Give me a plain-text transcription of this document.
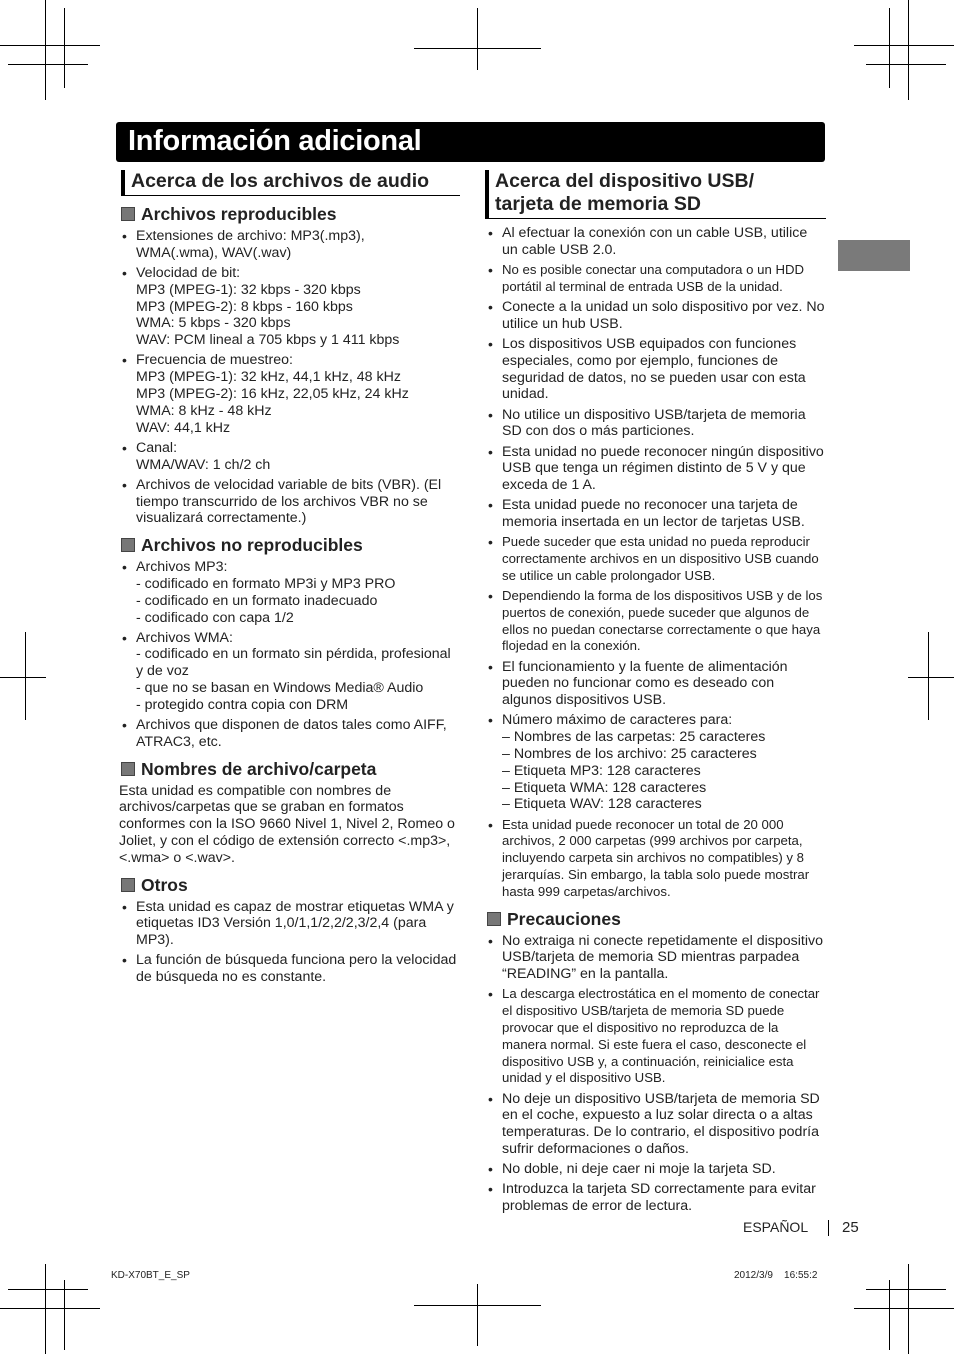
Información adicional
Acerca de los archivos de audio
Archivos reproducibles
• Extensiones de archivo: MP3(.mp3),
WMA(.wma), WAV(.wav)
• Velocidad de bit:
MP3 (MPEG-1): 32 kbps - 320 kbps
MP3 (MPEG-2): 8 kbps - 160 kbps
WMA: 5 kbps - 320 kbps
WAV: PCM lineal a 705 kbps y 1 411 kbps
• Frecuencia de muestreo:
MP3 (MPEG-1): 32 kHz, 44,1 kHz, 48 kHz
MP3 (MPEG-2): 16 kHz, 22,05 kHz, 24 kHz
WMA: 8 kHz - 48 kHz
WAV: 44,1 kHz
• Canal:
WMA/WAV: 1 ch/2 ch
• Archivos de velocidad variable de bits (VBR). (El tiempo transcurrido de los archivos VBR no se visualizará correctamente.)
Archivos no reproducibles
• Archivos MP3:
- codificado en formato MP3i y MP3 PRO
- codificado en un formato inadecuado
- codificado con capa 1/2
• Archivos WMA:
- codificado en un formato sin pérdida, profesional y de voz
- que no se basan en Windows Media® Audio
- protegido contra copia con DRM
• Archivos que disponen de datos tales como AIFF, ATRAC3, etc.
Nombres de archivo/carpeta

Esta unidad es compatible con nombres de archivos/carpetas que se graban en formatos conformes con la ISO 9660 Nivel 1, Nivel 2, Romeo o Joliet, y con el código de extensión correcto <.mp3>, <.wma> o <.wav>.

Otros
• Esta unidad es capaz de mostrar etiquetas WMA y etiquetas ID3 Versión 1,0/1,1/2,2/2,3/2,4 (para MP3).
• La función de búsqueda funciona pero la velocidad de búsqueda no es constante.
Acerca del dispositivo USB/
tarjeta de memoria SD
• Al efectuar la conexión con un cable USB, utilice un cable USB 2.0.
• No es posible conectar una computadora o un HDD portátil al terminal de entrada USB de la unidad.
• Conecte a la unidad un solo dispositivo por vez. No utilice un hub USB.
• Los dispositivos USB equipados con funciones especiales, como por ejemplo, funciones de seguridad de datos, no se pueden usar con esta unidad.
• No utilice un dispositivo USB/tarjeta de memoria SD con dos o más particiones.
• Esta unidad no puede reconocer ningún dispositivo USB que tenga un régimen distinto de 5 V y que exceda de 1 A.
• Esta unidad puede no reconocer una tarjeta de memoria insertada en un lector de tarjetas USB.
• Puede suceder que esta unidad no pueda reproducir correctamente archivos en un dispositivo USB cuando se utilice un cable prolongador USB.
• Dependiendo la forma de los dispositivos USB y de los puertos de conexión, puede suceder que algunos de ellos no puedan conectarse correctamente o que haya flojedad en la conexión.
• El funcionamiento y la fuente de alimentación pueden no funcionar como es deseado con algunos dispositivos USB.
• Número máximo de caracteres para:
– Nombres de las carpetas: 25 caracteres
– Nombres de los archivo: 25 caracteres
– Etiqueta MP3: 128 caracteres
– Etiqueta WMA: 128 caracteres
– Etiqueta WAV: 128 caracteres
• Esta unidad puede reconocer un total de 20 000 archivos, 2 000 carpetas (999 archivos por carpeta, incluyendo carpeta sin archivos no compatibles) y 8 jerarquías. Sin embargo, la tabla solo puede mostrar hasta 999 carpetas/archivos.
Precauciones
• No extraiga ni conecte repetidamente el dispositivo USB/tarjeta de memoria SD mientras parpadea “READING” en la pantalla.
• La descarga electrostática en el momento de conectar el dispositivo USB/tarjeta de memoria SD puede provocar que el dispositivo no reproduzca de la manera normal. Si este fuera el caso, desconecte el dispositivo USB y, a continuación, reinicialice esta unidad y el dispositivo USB.
• No deje un dispositivo USB/tarjeta de memoria SD en el coche, expuesto a luz solar directa o a altas temperaturas. De lo contrario, el dispositivo podría sufrir deformaciones o daños.
• No doble, ni deje caer ni moje la tarjeta SD.
• Introduzca la tarjeta SD correctamente para evitar problemas de error de lectura.
ESPAÑOL 25
KD-X70BT_E_SP	2012/3/9    16:55:2
